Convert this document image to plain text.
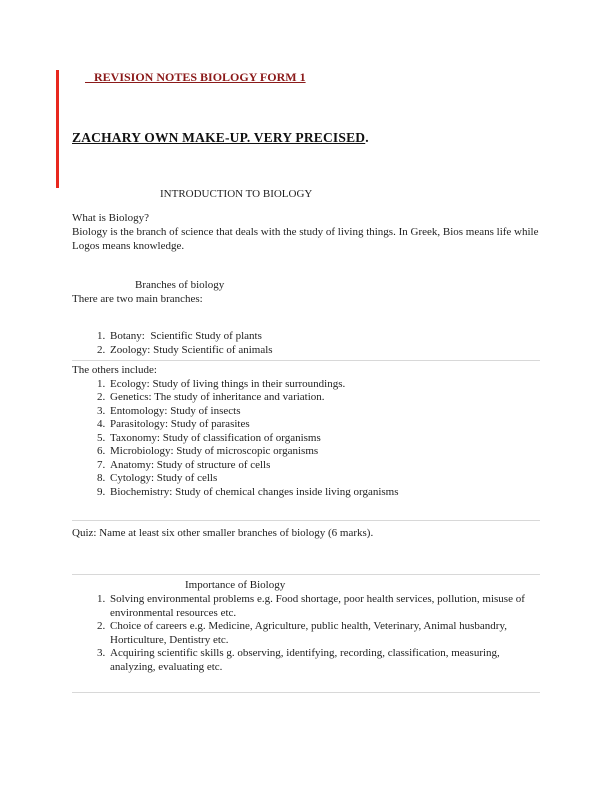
REVISION NOTES BIOLOGY FORM 1
ZACHARY OWN MAKE-UP. VERY PRECISED.
INTRODUCTION TO BIOLOGY
What is Biology?
Biology is the branch of science that deals with the study of living things. In Greek, Bios means life while Logos means knowledge.
Branches of biology
There are two main branches:
1. Botany:  Scientific Study of plants
2. Zoology: Study Scientific of animals
The others include:
1. Ecology: Study of living things in their surroundings.
2. Genetics: The study of inheritance and variation.
3. Entomology: Study of insects
4. Parasitology: Study of parasites
5. Taxonomy: Study of classification of organisms
6. Microbiology: Study of microscopic organisms
7. Anatomy: Study of structure of cells
8. Cytology: Study of cells
9. Biochemistry: Study of chemical changes inside living organisms
Quiz: Name at least six other smaller branches of biology (6 marks).
Importance of Biology
1. Solving environmental problems e.g. Food shortage, poor health services, pollution, misuse of environmental resources etc.
2. Choice of careers e.g. Medicine, Agriculture, public health, Veterinary, Animal husbandry, Horticulture, Dentistry etc.
3. Acquiring scientific skills g. observing, identifying, recording, classification, measuring, analyzing, evaluating etc.
